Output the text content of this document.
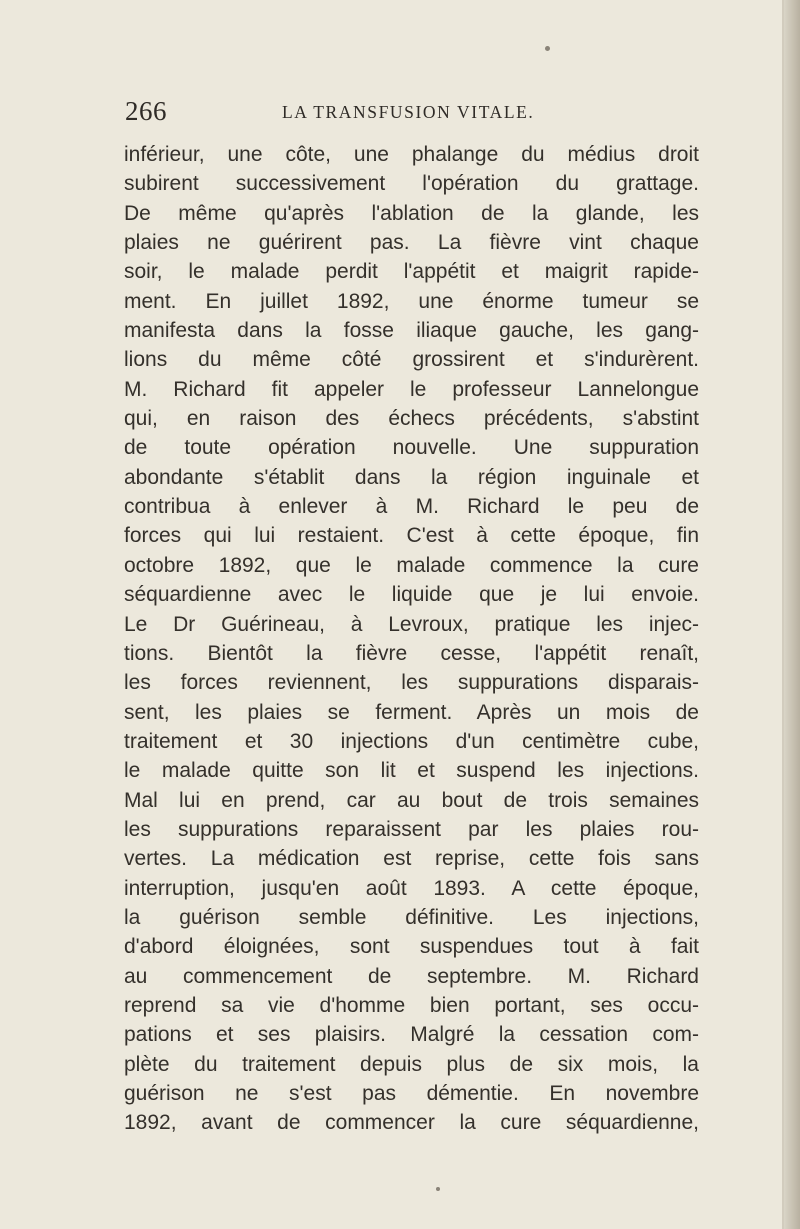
266	LA TRANSFUSION VITALE.
inférieur, une côte, une phalange du médius droit
subirent successivement l'opération du grattage.
De même qu'après l'ablation de la glande, les
plaies ne guérirent pas. La fièvre vint chaque
soir, le malade perdit l'appétit et maigrit rapide-
ment. En juillet 1892, une énorme tumeur se
manifesta dans la fosse iliaque gauche, les gang-
lions du même côté grossirent et s'indurèrent.
M. Richard fit appeler le professeur Lannelongue
qui, en raison des échecs précédents, s'abstint
de toute opération nouvelle. Une suppuration
abondante s'établit dans la région inguinale et
contribua à enlever à M. Richard le peu de
forces qui lui restaient. C'est à cette époque, fin
octobre 1892, que le malade commence la cure
séquardienne avec le liquide que je lui envoie.
Le Dr Guérineau, à Levroux, pratique les injec-
tions. Bientôt la fièvre cesse, l'appétit renaît,
les forces reviennent, les suppurations disparais-
sent, les plaies se ferment. Après un mois de
traitement et 30 injections d'un centimètre cube,
le malade quitte son lit et suspend les injections.
Mal lui en prend, car au bout de trois semaines
les suppurations reparaissent par les plaies rou-
vertes. La médication est reprise, cette fois sans
interruption, jusqu'en août 1893. A cette époque,
la guérison semble définitive. Les injections,
d'abord éloignées, sont suspendues tout à fait
au commencement de septembre. M. Richard
reprend sa vie d'homme bien portant, ses occu-
pations et ses plaisirs. Malgré la cessation com-
plète du traitement depuis plus de six mois, la
guérison ne s'est pas démentie. En novembre
1892, avant de commencer la cure séquardienne,
